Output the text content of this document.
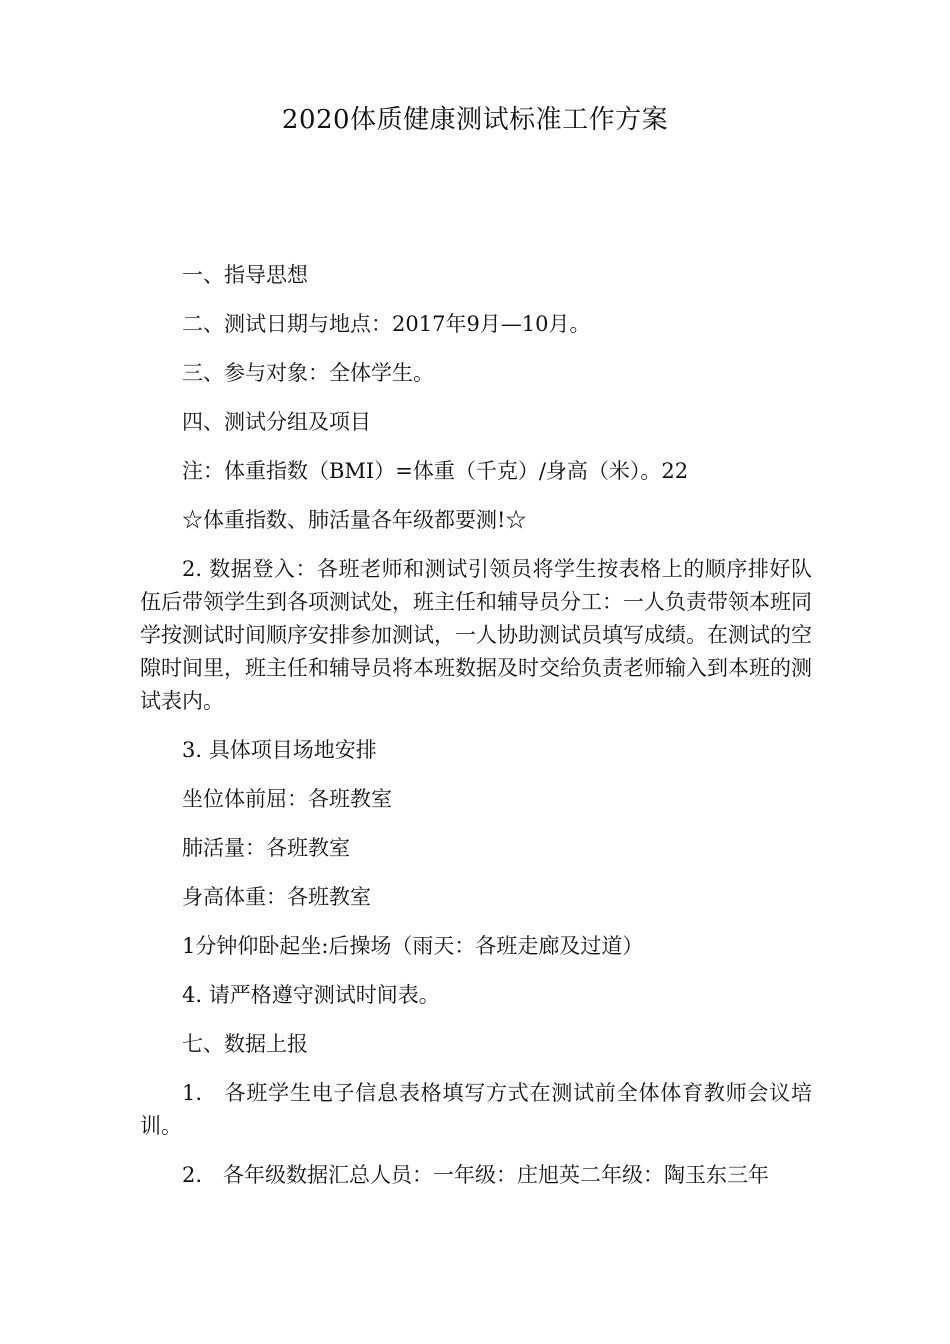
2020体质健康测试标准工作方案

一、指导思想

二、测试日期与地点：2017年9月—10月。

三、参与对象：全体学生。

四、测试分组及项目

注：体重指数（BMI）=体重（千克）/身高（米）。22

☆体重指数、肺活量各年级都要测!☆

2. 数据登入：各班老师和测试引领员将学生按表格上的顺序排好队伍后带领学生到各项测试处，班主任和辅导员分工：一人负责带领本班同学按测试时间顺序安排参加测试，一人协助测试员填写成绩。在测试的空隙时间里，班主任和辅导员将本班数据及时交给负责老师输入到本班的测试表内。

3. 具体项目场地安排

坐位体前屈：各班教室

肺活量：各班教室

身高体重：各班教室

1分钟仰卧起坐:后操场（雨天：各班走廊及过道）

4. 请严格遵守测试时间表。

七、数据上报

1.　各班学生电子信息表格填写方式在测试前全体体育教师会议培训。

2.　各年级数据汇总人员：一年级：庄旭英二年级：陶玉东三年
